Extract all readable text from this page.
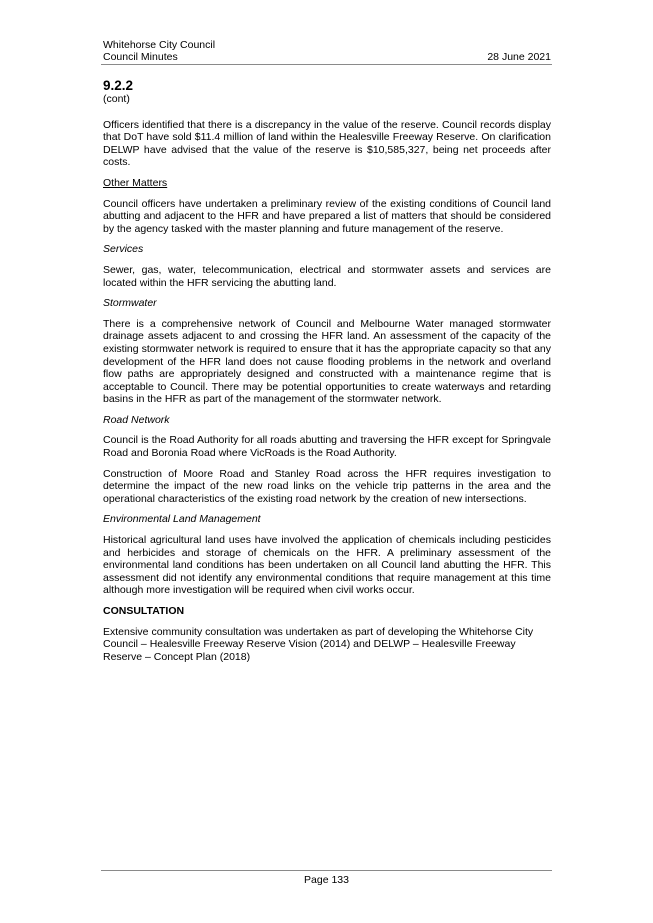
Whitehorse City Council
Council Minutes	28 June 2021
9.2.2
(cont)

Officers identified that there is a discrepancy in the value of the reserve. Council records display that DoT have sold $11.4 million of land within the Healesville Freeway Reserve. On clarification DELWP have advised that the value of the reserve is $10,585,327, being net proceeds after costs.

Other Matters

Council officers have undertaken a preliminary review of the existing conditions of Council land abutting and adjacent to the HFR and have prepared a list of matters that should be considered by the agency tasked with the master planning and future management of the reserve.

Services

Sewer, gas, water, telecommunication, electrical and stormwater assets and services are located within the HFR servicing the abutting land.

Stormwater

There is a comprehensive network of Council and Melbourne Water managed stormwater drainage assets adjacent to and crossing the HFR land. An assessment of the capacity of the existing stormwater network is required to ensure that it has the appropriate capacity so that any development of the HFR land does not cause flooding problems in the network and overland flow paths are appropriately designed and constructed with a maintenance regime that is acceptable to Council. There may be potential opportunities to create waterways and retarding basins in the HFR as part of the management of the stormwater network.

Road Network

Council is the Road Authority for all roads abutting and traversing the HFR except for Springvale Road and Boronia Road where VicRoads is the Road Authority.

Construction of Moore Road and Stanley Road across the HFR requires investigation to determine the impact of the new road links on the vehicle trip patterns in the area and the operational characteristics of the existing road network by the creation of new intersections.

Environmental Land Management

Historical agricultural land uses have involved the application of chemicals including pesticides and herbicides and storage of chemicals on the HFR. A preliminary assessment of the environmental land conditions has been undertaken on all Council land abutting the HFR. This assessment did not identify any environmental conditions that require management at this time although more investigation will be required when civil works occur.

CONSULTATION

Extensive community consultation was undertaken as part of developing the Whitehorse City Council – Healesville Freeway Reserve Vision (2014) and DELWP – Healesville Freeway Reserve – Concept Plan (2018)

Page 133
